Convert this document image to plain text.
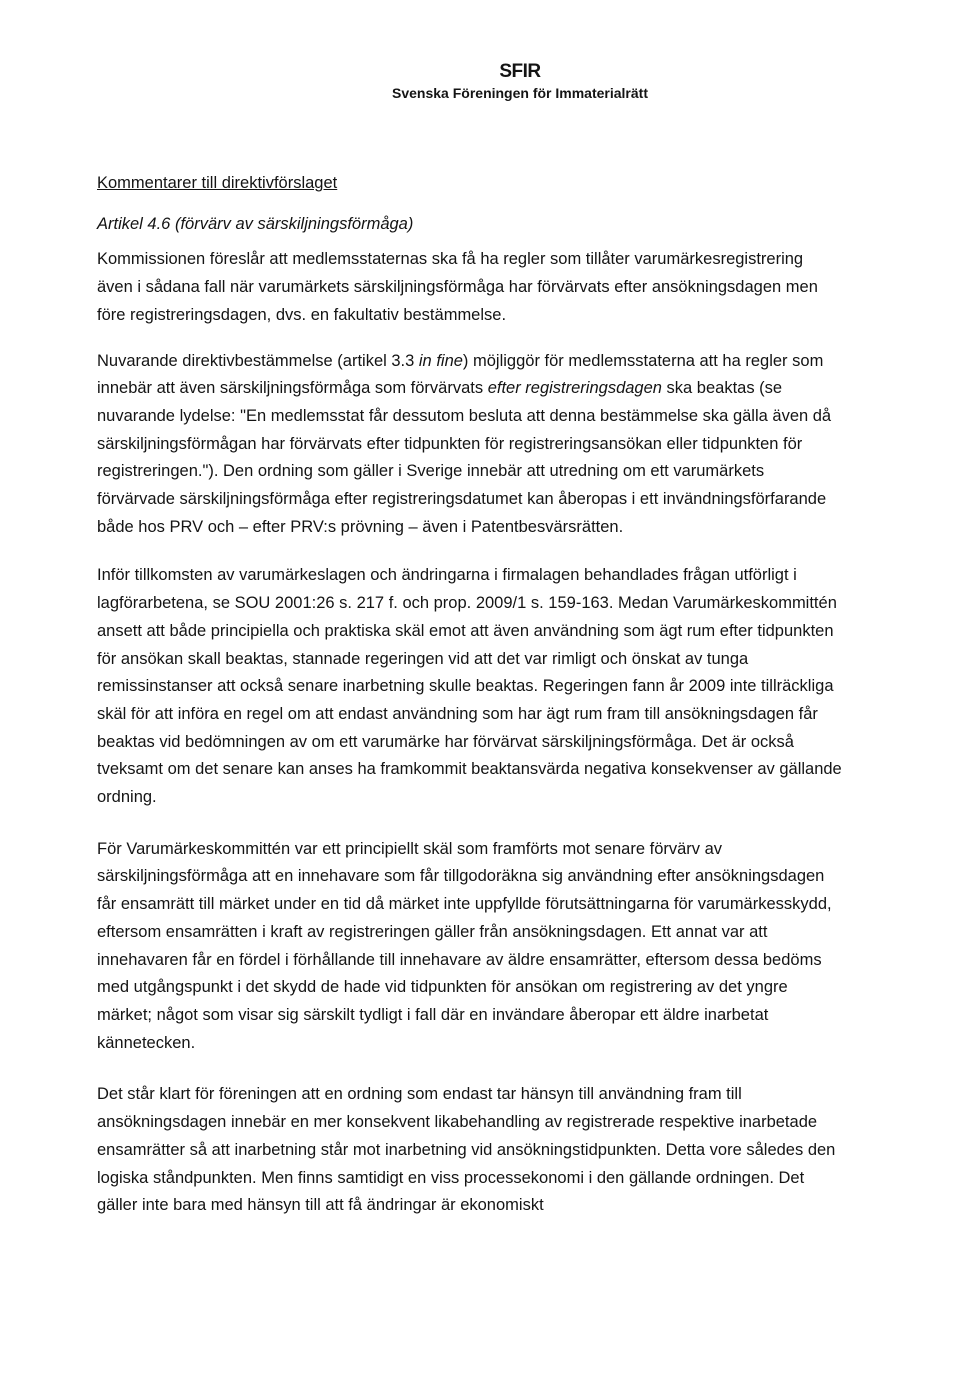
SFIR
Svenska Föreningen för Immaterialrätt

Kommentarer till direktivförslaget

Artikel 4.6 (förvärv av särskiljningsförmåga)

Kommissionen föreslår att medlemsstaternas ska få ha regler som tillåter varumärkesregistrering även i sådana fall när varumärkets särskiljningsförmåga har förvärvats efter ansökningsdagen men före registreringsdagen, dvs. en fakultativ bestämmelse.

Nuvarande direktivbestämmelse (artikel 3.3 in fine) möjliggör för medlemsstaterna att ha regler som innebär att även särskiljningsförmåga som förvärvats efter registreringsdagen ska beaktas (se nuvarande lydelse: "En medlemsstat får dessutom besluta att denna bestämmelse ska gälla även då särskiljningsförmågan har förvärvats efter tidpunkten för registreringsansökan eller tidpunkten för registreringen."). Den ordning som gäller i Sverige innebär att utredning om ett varumärkets förvärvade särskiljningsförmåga efter registreringsdatumet kan åberopas i ett invändningsförfarande både hos PRV och – efter PRV:s prövning – även i Patentbesvärsrätten.

Inför tillkomsten av varumärkeslagen och ändringarna i firmalagen behandlades frågan utförligt i lagförarbetena, se SOU 2001:26 s. 217 f. och prop. 2009/1 s. 159-163. Medan Varumärkeskommittén ansett att både principiella och praktiska skäl emot att även användning som ägt rum efter tidpunkten för ansökan skall beaktas, stannade regeringen vid att det var rimligt och önskat av tunga remissinstanser att också senare inarbetning skulle beaktas. Regeringen fann år 2009 inte tillräckliga skäl för att införa en regel om att endast användning som har ägt rum fram till ansökningsdagen får beaktas vid bedömningen av om ett varumärke har förvärvat särskiljningsförmåga. Det är också tveksamt om det senare kan anses ha framkommit beaktansvärda negativa konsekvenser av gällande ordning.

För Varumärkeskommittén var ett principiellt skäl som framförts mot senare förvärv av särskiljningsförmåga att en innehavare som får tillgodoräkna sig användning efter ansökningsdagen får ensamrätt till märket under en tid då märket inte uppfyllde förutsättningarna för varumärkesskydd, eftersom ensamrätten i kraft av registreringen gäller från ansökningsdagen. Ett annat var att innehavaren får en fördel i förhållande till innehavare av äldre ensamrätter, eftersom dessa bedöms med utgångspunkt i det skydd de hade vid tidpunkten för ansökan om registrering av det yngre märket; något som visar sig särskilt tydligt i fall där en invändare åberopar ett äldre inarbetat kännetecken.

Det står klart för föreningen att en ordning som endast tar hänsyn till användning fram till ansökningsdagen innebär en mer konsekvent likabehandling av registrerade respektive inarbetade ensamrätter så att inarbetning står mot inarbetning vid ansökningstidpunkten. Detta vore således den logiska ståndpunkten. Men finns samtidigt en viss processekonomi i den gällande ordningen. Det gäller inte bara med hänsyn till att få ändringar är ekonomiskt
